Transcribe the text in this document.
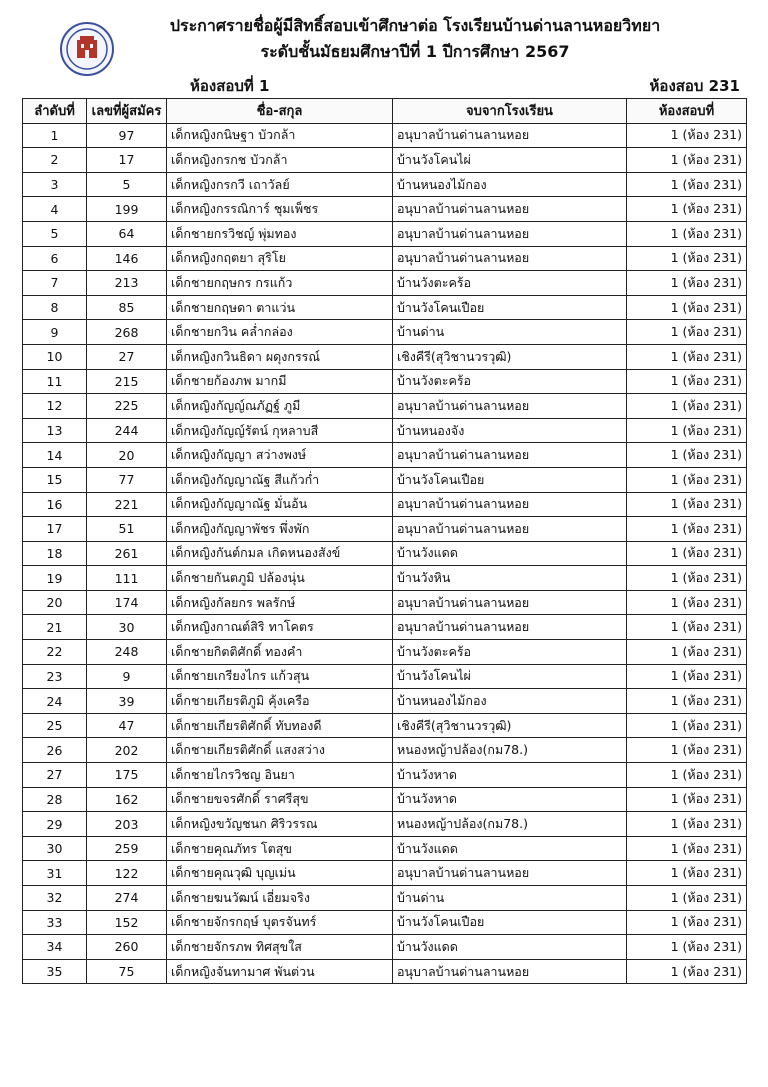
ประกาศรายชื่อผู้มีสิทธิ์สอบเข้าศึกษาต่อ โรงเรียนบ้านด่านลานหอยวิทยา
ระดับชั้นมัธยมศึกษาปีที่ 1 ปีการศึกษา 2567
ห้องสอบที่ 1	ห้องสอบ 231
ลำดับที่	เลขที่ผู้สมัคร	ชื่อ-สกุล	จบจากโรงเรียน	ห้องสอบที่
1	97	เด็กหญิงกนิษฐา บัวกล้า	อนุบาลบ้านด่านลานหอย	1 (ห้อง 231)
2	17	เด็กหญิงกรกช บัวกล้า	บ้านวังโคนไผ่	1 (ห้อง 231)
3	5	เด็กหญิงกรกวี เถาวัลย์	บ้านหนองไม้กอง	1 (ห้อง 231)
4	199	เด็กหญิงกรรณิการ์ ชุมเพ็ชร	อนุบาลบ้านด่านลานหอย	1 (ห้อง 231)
5	64	เด็กชายกรวิชญ์ พุ่มทอง	อนุบาลบ้านด่านลานหอย	1 (ห้อง 231)
6	146	เด็กหญิงกฤตยา สุริโย	อนุบาลบ้านด่านลานหอย	1 (ห้อง 231)
7	213	เด็กชายกฤษกร กรแก้ว	บ้านวังตะคร้อ	1 (ห้อง 231)
8	85	เด็กชายกฤษดา ตาแว่น	บ้านวังโคนเปือย	1 (ห้อง 231)
9	268	เด็กชายกวิน คล่ำกล่อง	บ้านด่าน	1 (ห้อง 231)
10	27	เด็กหญิงกวินธิดา ผดุงกรรณ์	เชิงคีรี(สุวิชานวรวุฒิ)	1 (ห้อง 231)
11	215	เด็กชายก้องภพ มากมี	บ้านวังตะคร้อ	1 (ห้อง 231)
12	225	เด็กหญิงกัญญ์ณภัฏฐ์ ภูมี	อนุบาลบ้านด่านลานหอย	1 (ห้อง 231)
13	244	เด็กหญิงกัญญ์รัตน์ กุหลาบสี	บ้านหนองจัง	1 (ห้อง 231)
14	20	เด็กหญิงกัญญา สว่างพงษ์	อนุบาลบ้านด่านลานหอย	1 (ห้อง 231)
15	77	เด็กหญิงกัญญาณัฐ สีแก้วก่ำ	บ้านวังโคนเปือย	1 (ห้อง 231)
16	221	เด็กหญิงกัญญาณัฐ มั่นอ้น	อนุบาลบ้านด่านลานหอย	1 (ห้อง 231)
17	51	เด็กหญิงกัญญาพัชร พึ่งพัก	อนุบาลบ้านด่านลานหอย	1 (ห้อง 231)
18	261	เด็กหญิงกันต์กมล เกิดหนองสังข์	บ้านวังแดด	1 (ห้อง 231)
19	111	เด็กชายกันตภูมิ ปล้องนุ่น	บ้านวังหิน	1 (ห้อง 231)
20	174	เด็กหญิงกัลยกร พลรักษ์	อนุบาลบ้านด่านลานหอย	1 (ห้อง 231)
21	30	เด็กหญิงกาณต์สิริ ทาโคตร	อนุบาลบ้านด่านลานหอย	1 (ห้อง 231)
22	248	เด็กชายกิตติศักดิ์ ทองคำ	บ้านวังตะคร้อ	1 (ห้อง 231)
23	9	เด็กชายเกรียงไกร แก้วสุน	บ้านวังโคนไผ่	1 (ห้อง 231)
24	39	เด็กชายเกียรติภูมิ คุ้งเครือ	บ้านหนองไม้กอง	1 (ห้อง 231)
25	47	เด็กชายเกียรติศักดิ์ ทับทองดี	เชิงคีรี(สุวิชานวรวุฒิ)	1 (ห้อง 231)
26	202	เด็กชายเกียรติศักดิ์ แสงสว่าง	หนองหญ้าปล้อง(กม78.)	1 (ห้อง 231)
27	175	เด็กชายไกรวิชญ อินยา	บ้านวังหาด	1 (ห้อง 231)
28	162	เด็กชายขจรศักดิ์ ราศรีสุข	บ้านวังหาด	1 (ห้อง 231)
29	203	เด็กหญิงขวัญชนก ศิริวรรณ	หนองหญ้าปล้อง(กม78.)	1 (ห้อง 231)
30	259	เด็กชายคุณภัทร โตสุข	บ้านวังแดด	1 (ห้อง 231)
31	122	เด็กชายคุณวุฒิ บุญเม่น	อนุบาลบ้านด่านลานหอย	1 (ห้อง 231)
32	274	เด็กชายฆนวัฒน์ เอี่ยมจริง	บ้านด่าน	1 (ห้อง 231)
33	152	เด็กชายจักรกฤษ์ บุตรจันทร์	บ้านวังโคนเปือย	1 (ห้อง 231)
34	260	เด็กชายจักรภพ ทิศสุขใส	บ้านวังแดด	1 (ห้อง 231)
35	75	เด็กหญิงจันทามาศ พันต่วน	อนุบาลบ้านด่านลานหอย	1 (ห้อง 231)
